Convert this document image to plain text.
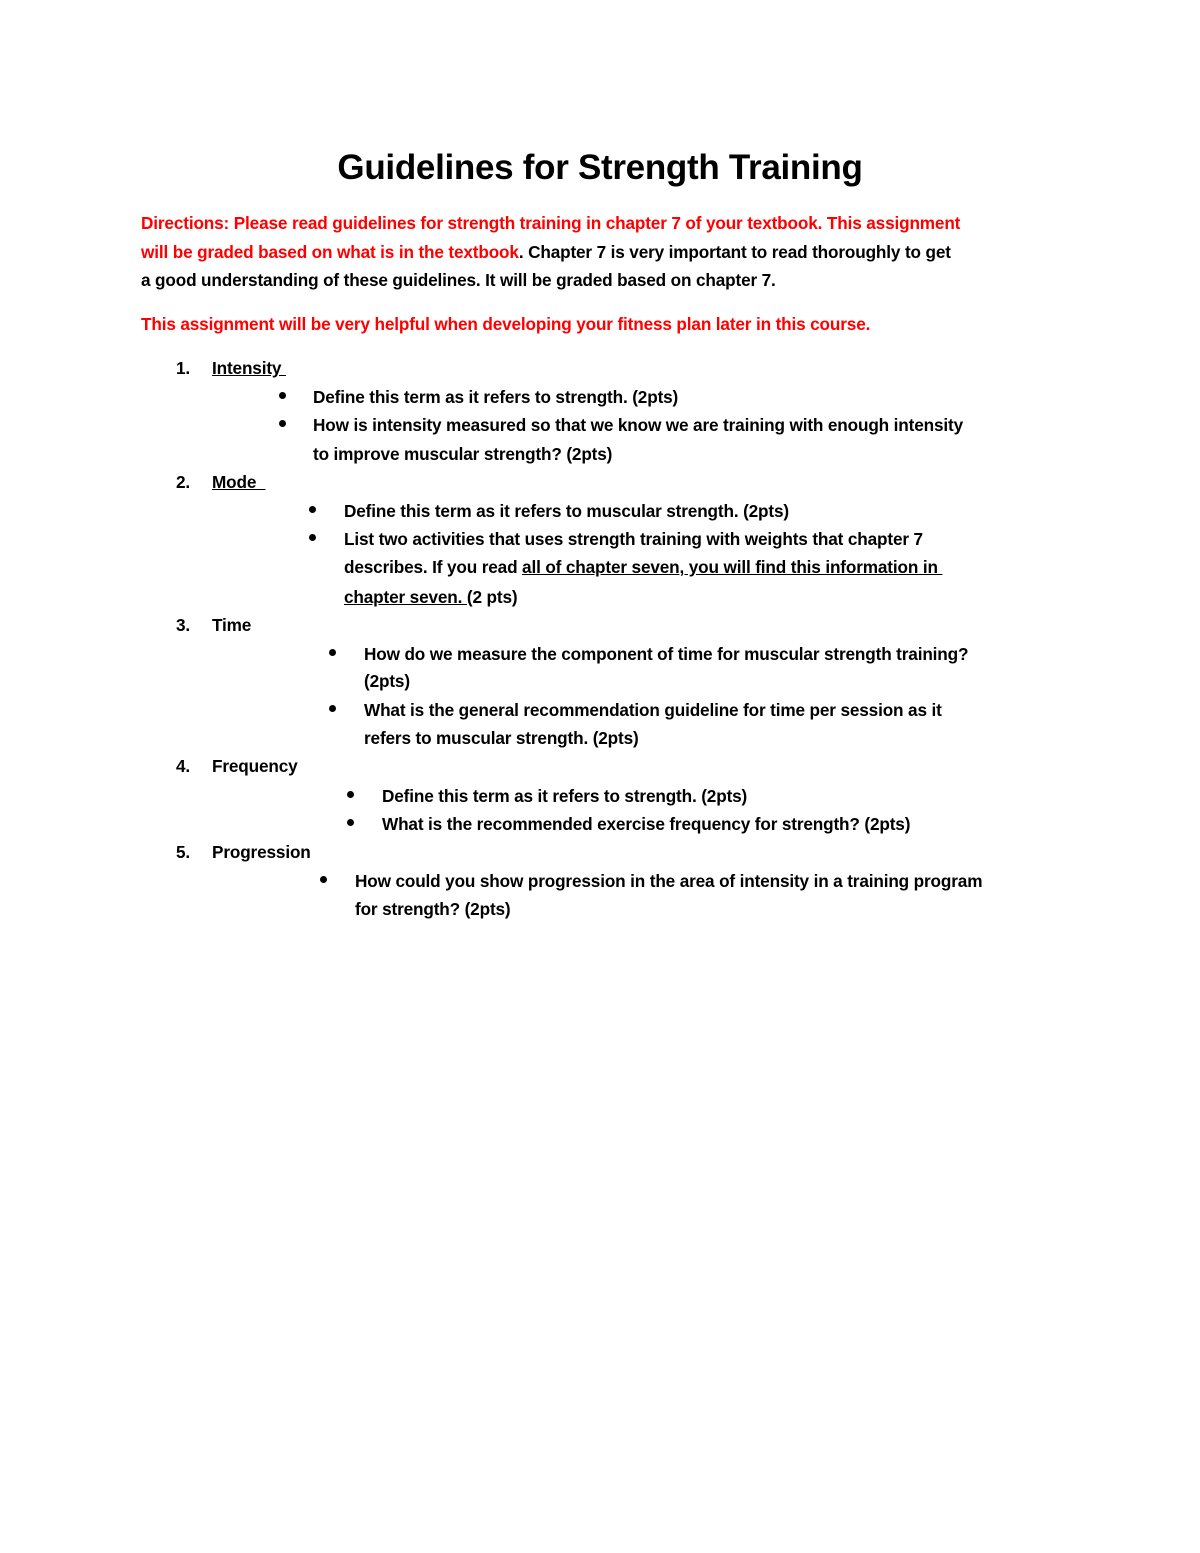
Guidelines for Strength Training
Directions: Please read guidelines for strength training in chapter 7 of your textbook. This assignment
will be graded based on what is in the textbook. Chapter 7 is very important to read thoroughly to get
a good understanding of these guidelines. It will be graded based on chapter 7.
This assignment will be very helpful when developing your fitness plan later in this course.
1. Intensity
Define this term as it refers to strength. (2pts)
How is intensity measured so that we know we are training with enough intensity
to improve muscular strength? (2pts)
2. Mode
Define this term as it refers to muscular strength. (2pts)
List two activities that uses strength training with weights that chapter 7
describes. If you read all of chapter seven, you will find this information in
chapter seven. (2 pts)
3. Time
How do we measure the component of time for muscular strength training?
(2pts)
What is the general recommendation guideline for time per session as it
refers to muscular strength. (2pts)
4. Frequency
Define this term as it refers to strength. (2pts)
What is the recommended exercise frequency for strength? (2pts)
5. Progression
How could you show progression in the area of intensity in a training program
for strength? (2pts)
